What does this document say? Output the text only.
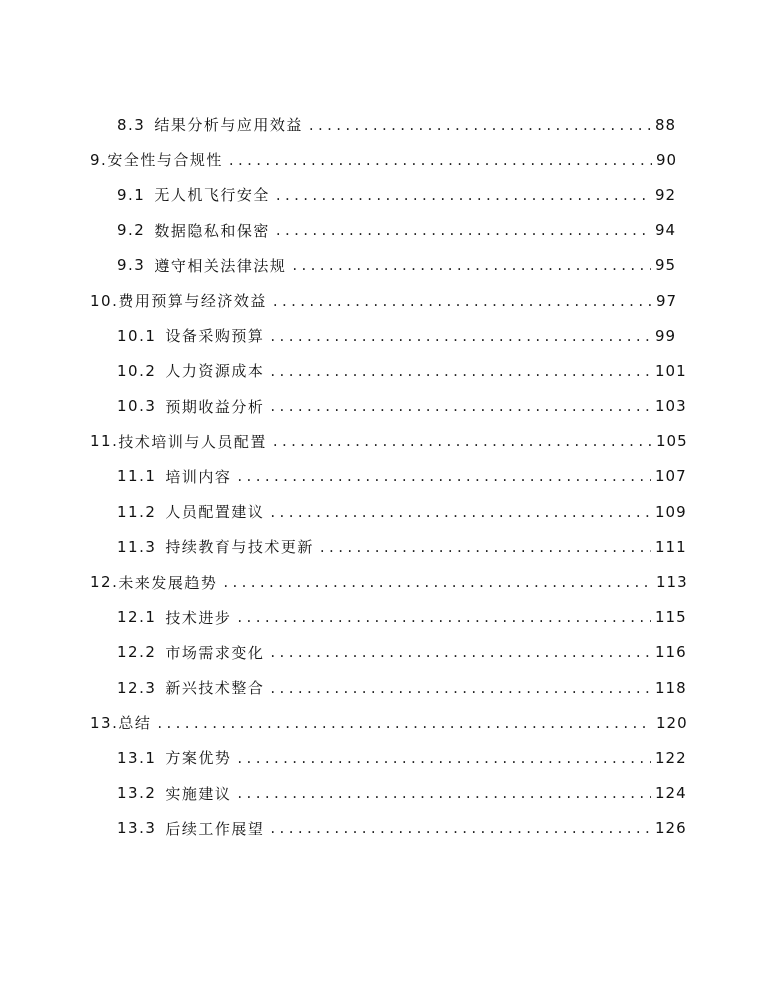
8.3 结果分析与应用效益 . . .	88
9. 安全性与合规性 . . .	90
9.1 无人机飞行安全 . . .	92
9.2 数据隐私和保密 . . .	94
9.3 遵守相关法律法规 . . .	95
10. 费用预算与经济效益 . . .	97
10.1 设备采购预算 . . .	99
10.2 人力资源成本 . . .	101
10.3 预期收益分析 . . .	103
11. 技术培训与人员配置 . . .	105
11.1 培训内容 . . .	107
11.2 人员配置建议 . . .	109
11.3 持续教育与技术更新 . . .	111
12. 未来发展趋势 . . .	113
12.1 技术进步 . . .	115
12.2 市场需求变化 . . .	116
12.3 新兴技术整合 . . .	118
13. 总结 . . .	120
13.1 方案优势 . . .	122
13.2 实施建议 . . .	124
13.3 后续工作展望 . . .	126
